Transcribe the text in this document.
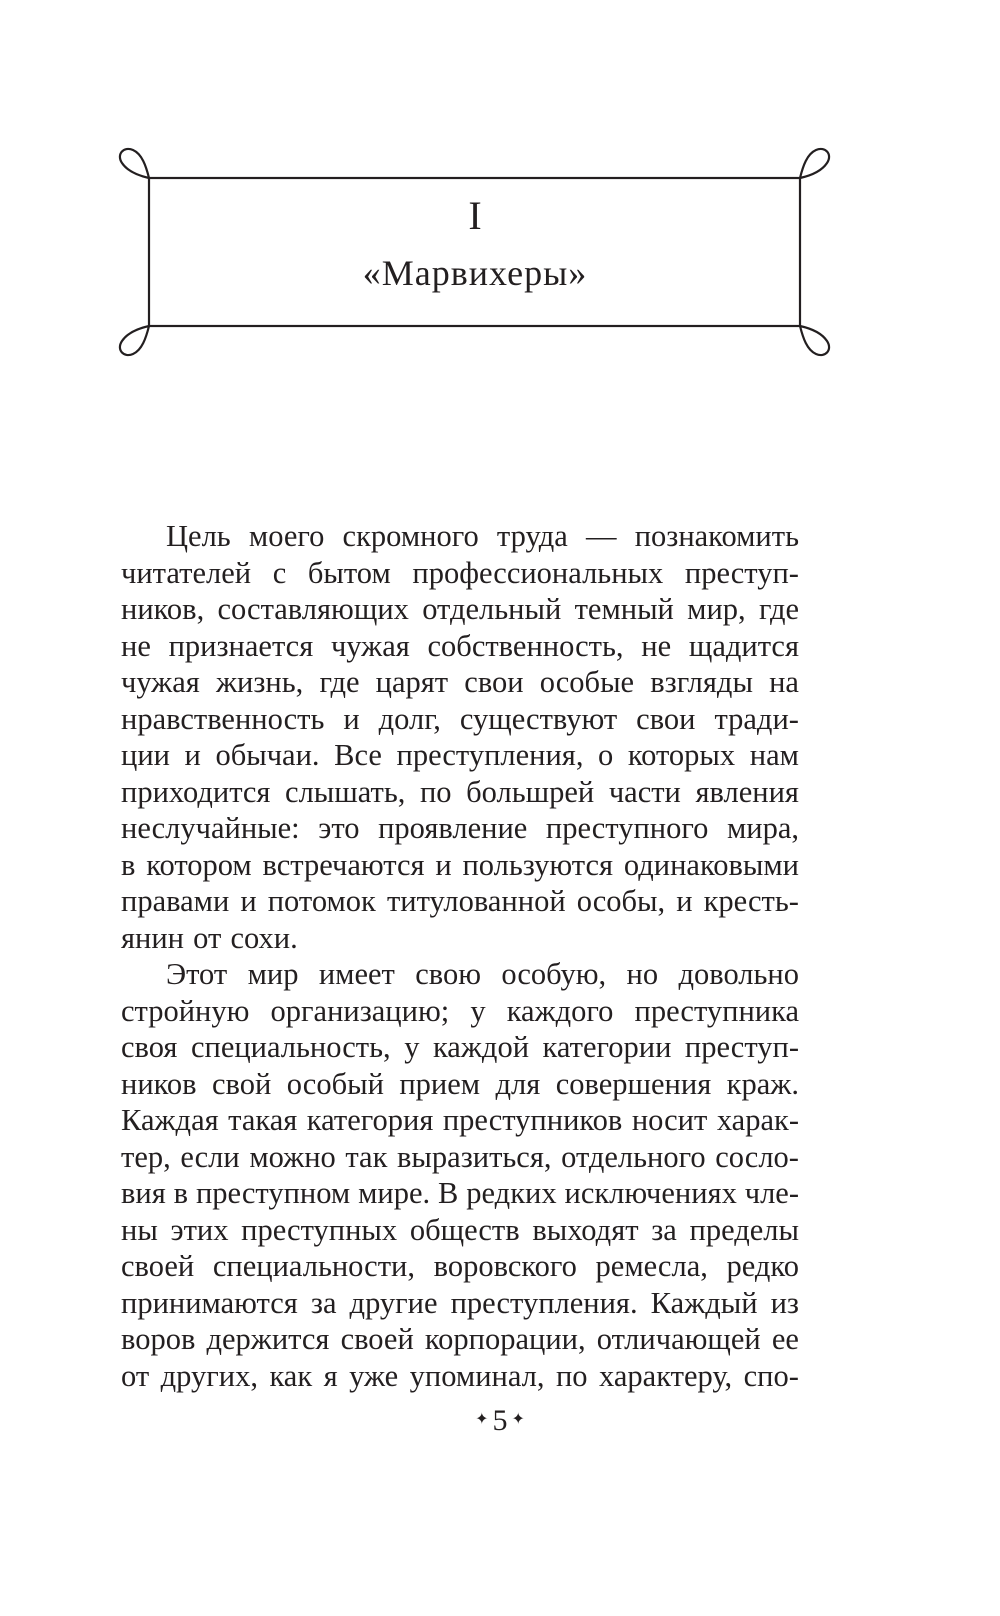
I
«Марвихеры»
Цель моего скромного труда — познакомить
читателей с бытом профессиональных преступ-
ников, составляющих отдельный темный мир, где
не признается чужая собственность, не щадится
чужая жизнь, где царят свои особые взгляды на
нравственность и долг, существуют свои тради-
ции и обычаи. Все преступления, о которых нам
приходится слышать, по большрей части явления
неслучайные: это проявление преступного мира,
в котором встречаются и пользуются одинаковыми
правами и потомок титулованной особы, и кресть-
янин от сохи.
Этот мир имеет свою особую, но довольно
стройную организацию; у каждого преступника
своя специальность, у каждой категории преступ-
ников свой особый прием для совершения краж.
Каждая такая категория преступников носит харак-
тер, если можно так выразиться, отдельного сосло-
вия в преступном мире. В редких исключениях чле-
ны этих преступных обществ выходят за пределы
своей специальности, воровского ремесла, редко
принимаются за другие преступления. Каждый из
воров держится своей корпорации, отличающей ее
от других, как я уже упоминал, по характеру, спо-
✦ 5 ✦
